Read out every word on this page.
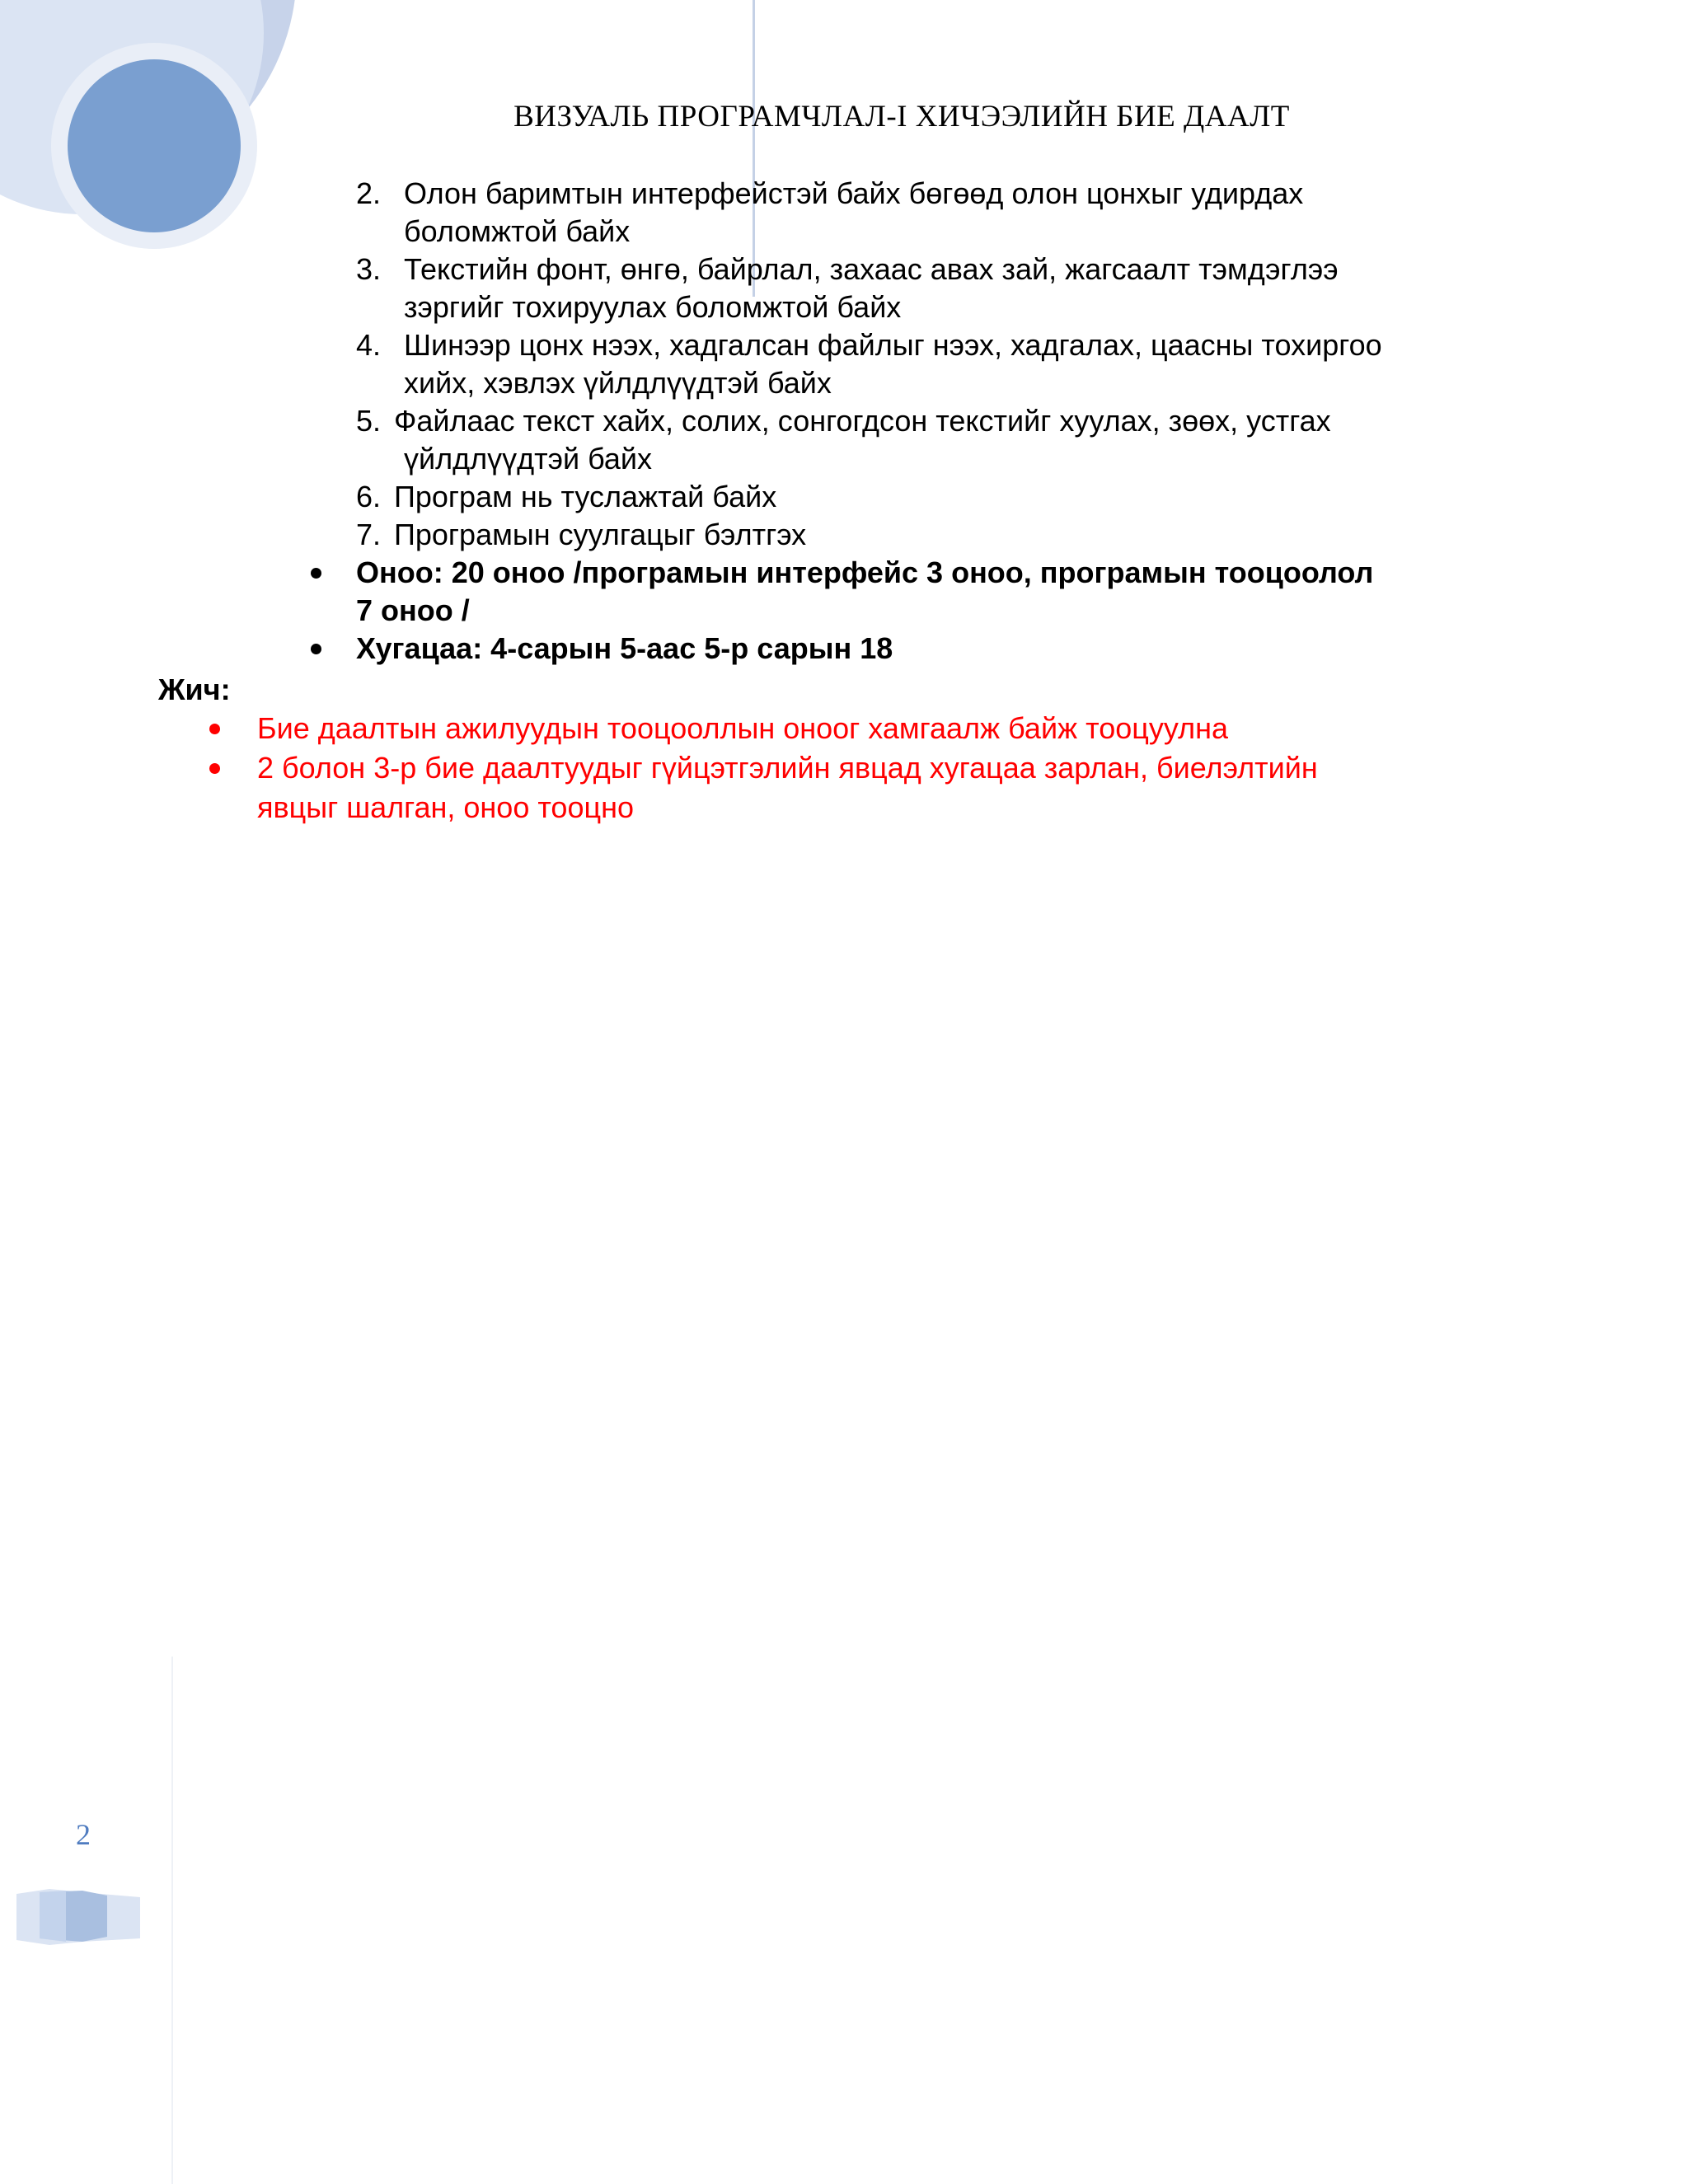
ВИЗУАЛЬ ПРОГРАМЧЛАЛ-I ХИЧЭЭЛИЙН БИЕ ДААЛТ
2. Олон баримтын интерфейстэй байх бөгөөд олон цонхыг удирдах
боломжтой байх
3. Текстийн фонт, өнгө, байрлал, захаас авах зай, жагсаалт тэмдэглээ
зэргийг тохируулах боломжтой байх
4. Шинээр цонх нээх, хадгалсан файлыг нээх, хадгалах, цаасны тохиргоо
хийх, хэвлэх үйлдлүүдтэй байх
5. Файлаас текст хайх, солих, сонгогдсон текстийг хуулах, зөөх, устгах
үйлдлүүдтэй байх
6. Програм нь туслажтай байх
7. Програмын суулгацыг бэлтгэх
Оноо: 20 оноо /програмын интерфейс 3 оноо, програмын тооцоолол
7 оноо /
Хугацаа: 4-сарын 5-аас 5-р сарын 18
Жич:
Бие даалтын ажилуудын тооцооллын оноог хамгаалж байж тооцуулна
2 болон 3-р бие даалтуудыг гүйцэтгэлийн явцад хугацаа зарлан, биелэлтийн
явцыг шалган, оноо тооцно
2
